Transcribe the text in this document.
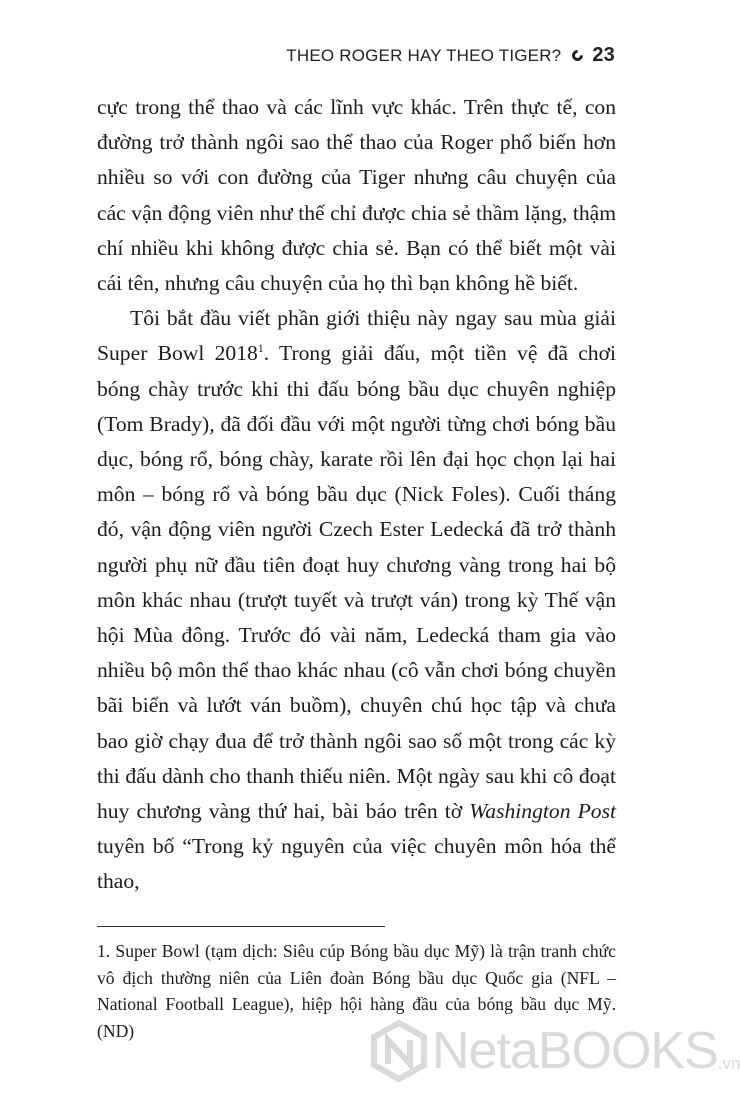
THEO ROGER HAY THEO TIGER? 23

cực trong thể thao và các lĩnh vực khác. Trên thực tế, con đường trở thành ngôi sao thể thao của Roger phổ biến hơn nhiều so với con đường của Tiger nhưng câu chuyện của các vận động viên như thế chỉ được chia sẻ thầm lặng, thậm chí nhiều khi không được chia sẻ. Bạn có thể biết một vài cái tên, nhưng câu chuyện của họ thì bạn không hề biết.

Tôi bắt đầu viết phần giới thiệu này ngay sau mùa giải Super Bowl 2018$^1$. Trong giải đấu, một tiền vệ đã chơi bóng chày trước khi thi đấu bóng bầu dục chuyên nghiệp (Tom Brady), đã đối đầu với một người từng chơi bóng bầu dục, bóng rổ, bóng chày, karate rồi lên đại học chọn lại hai môn – bóng rổ và bóng bầu dục (Nick Foles). Cuối tháng đó, vận động viên người Czech Ester Ledecká đã trở thành người phụ nữ đầu tiên đoạt huy chương vàng trong hai bộ môn khác nhau (trượt tuyết và trượt ván) trong kỳ Thế vận hội Mùa đông. Trước đó vài năm, Ledecká tham gia vào nhiều bộ môn thể thao khác nhau (cô vẫn chơi bóng chuyền bãi biển và lướt ván buồm), chuyên chú học tập và chưa bao giờ chạy đua để trở thành ngôi sao số một trong các kỳ thi đấu dành cho thanh thiếu niên. Một ngày sau khi cô đoạt huy chương vàng thứ hai, bài báo trên tờ Washington Post tuyên bố “Trong kỷ nguyên của việc chuyên môn hóa thể thao,

1. Super Bowl (tạm dịch: Siêu cúp Bóng bầu dục Mỹ) là trận tranh chức vô địch thường niên của Liên đoàn Bóng bầu dục Quốc gia (NFL – National Football League), hiệp hội hàng đầu của bóng bầu dục Mỹ. (ND)	NetaBOOKS .vn
